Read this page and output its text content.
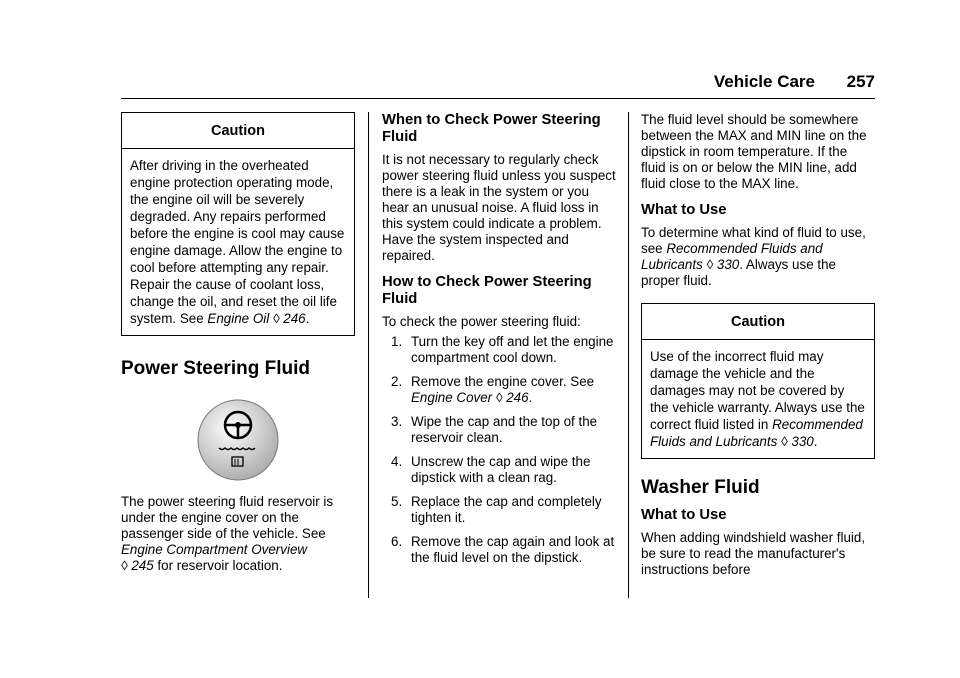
Vehicle Care 257
Caution
After driving in the overheated engine protection operating mode, the engine oil will be severely degraded. Any repairs performed before the engine is cool may cause engine damage. Allow the engine to cool before attempting any repair. Repair the cause of coolant loss, change the oil, and reset the oil life system. See Engine Oil ◊ 246.
Power Steering Fluid

The power steering fluid reservoir is under the engine cover on the passenger side of the vehicle. See Engine Compartment Overview
◊ 245 for reservoir location.

When to Check Power Steering Fluid

It is not necessary to regularly check power steering fluid unless you suspect there is a leak in the system or you hear an unusual noise. A fluid loss in this system could indicate a problem. Have the system inspected and repaired.

How to Check Power Steering Fluid

To check the power steering fluid:

1. Turn the key off and let the engine compartment cool down.
2. Remove the engine cover. See Engine Cover ◊ 246.
3. Wipe the cap and the top of the reservoir clean.
4. Unscrew the cap and wipe the dipstick with a clean rag.
5. Replace the cap and completely tighten it.
6. Remove the cap again and look at the fluid level on the dipstick.

The fluid level should be somewhere between the MAX and MIN line on the dipstick in room temperature. If the fluid is on or below the MIN line, add fluid close to the MAX line.

What to Use

To determine what kind of fluid to use, see Recommended Fluids and Lubricants ◊ 330. Always use the proper fluid.

Caution
Use of the incorrect fluid may damage the vehicle and the damages may not be covered by the vehicle warranty. Always use the correct fluid listed in Recommended Fluids and Lubricants ◊ 330.
Washer Fluid
What to Use

When adding windshield washer fluid, be sure to read the manufacturer's instructions before
